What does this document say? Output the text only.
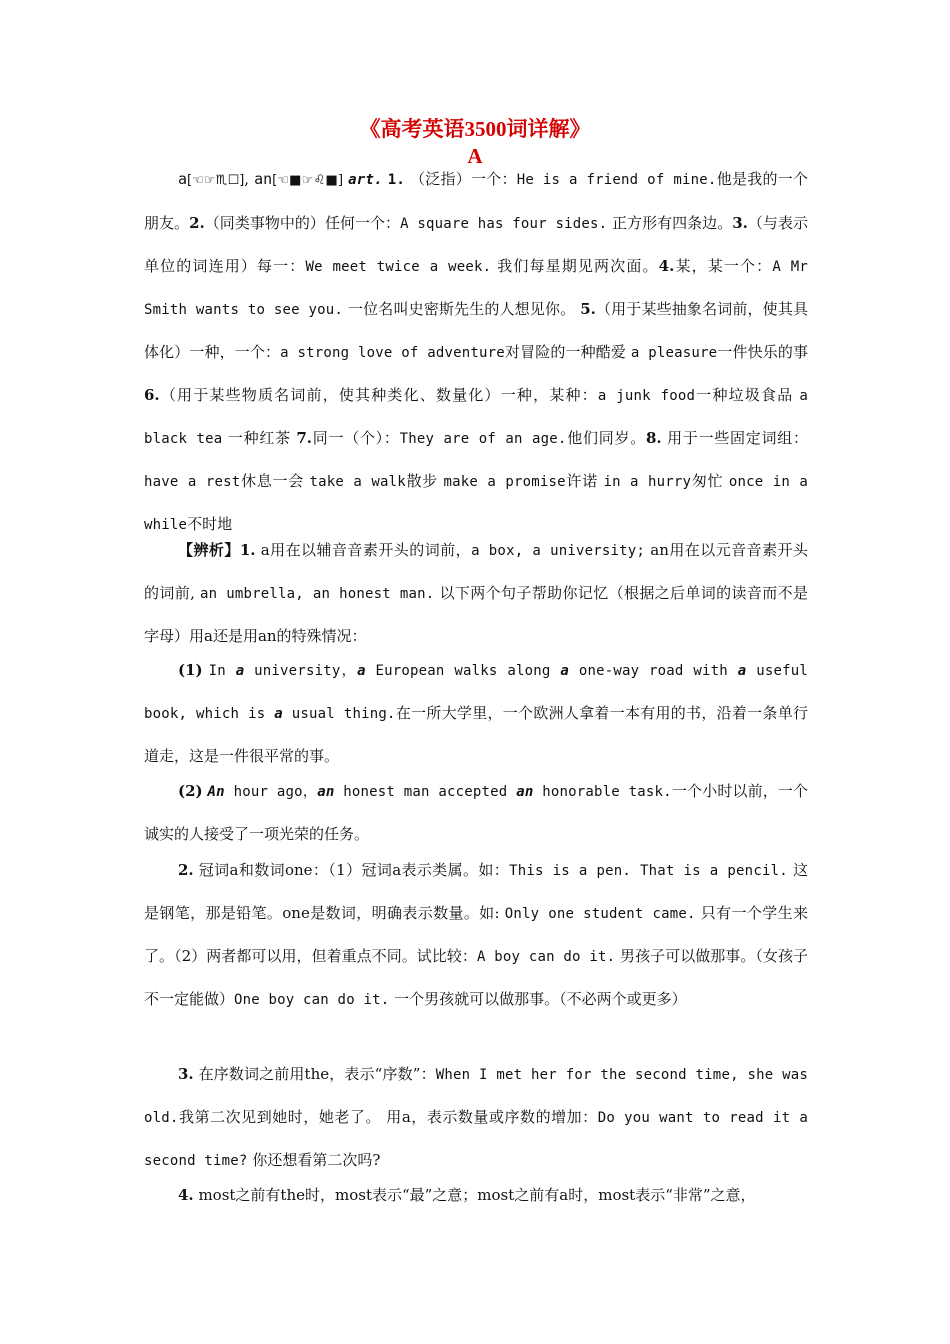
《高考英语3500词详解》
A
a[☜☞♏☐], an[☜■☞♌■] art. 1. （泛指）一个：He is a friend of mine.他是我的一个朋友。2.（同类事物中的）任何一个：A square has four sides. 正方形有四条边。3.（与表示单位的词连用）每一：We meet twice a week. 我们每星期见两次面。4.某，某一个：A Mr Smith wants to see you. 一位名叫史密斯先生的人想见你。 5.（用于某些抽象名词前，使其具体化）一种，一个：a strong love of adventure对冒险的一种酷爱 a pleasure一件快乐的事6.（用于某些物质名词前，使其种类化、数量化）一种，某种：a junk food一种垃圾食品 a black tea 一种红茶 7.同一（个）：They are of an age.他们同岁。8. 用于一些固定词组：have a rest休息一会 take a walk散步 make a promise许诺 in a hurry匆忙 once in a while不时地
【辨析】1. a用在以辅音音素开头的词前，a box, a university; an用在以元音音素开头的词前, an umbrella, an honest man. 以下两个句子帮助你记忆（根据之后单词的读音而不是字母）用a还是用an的特殊情况：
(1) In a university，a European walks along a one-way road with a useful book, which is a usual thing.在一所大学里，一个欧洲人拿着一本有用的书，沿着一条单行道走，这是一件很平常的事。
(2) An hour ago，an honest man accepted an honorable task.一个小时以前，一个诚实的人接受了一项光荣的任务。
2. 冠词a和数词one：（1）冠词a表示类属。如：This is a pen. That is a pencil. 这是钢笔，那是铅笔。one是数词，明确表示数量。如: Only one student came. 只有一个学生来了。（2）两者都可以用，但着重点不同。试比较：A boy can do it. 男孩子可以做那事。（女孩子不一定能做）One boy can do it. 一个男孩就可以做那事。（不必两个或更多）
3. 在序数词之前用the，表示“序数”：When I met her for the second time, she was old.我第二次见到她时，她老了。 用a，表示数量或序数的增加：Do you want to read it a second time? 你还想看第二次吗?
4. most之前有the时，most表示“最”之意；most之前有a时，most表示“非常”之意，
